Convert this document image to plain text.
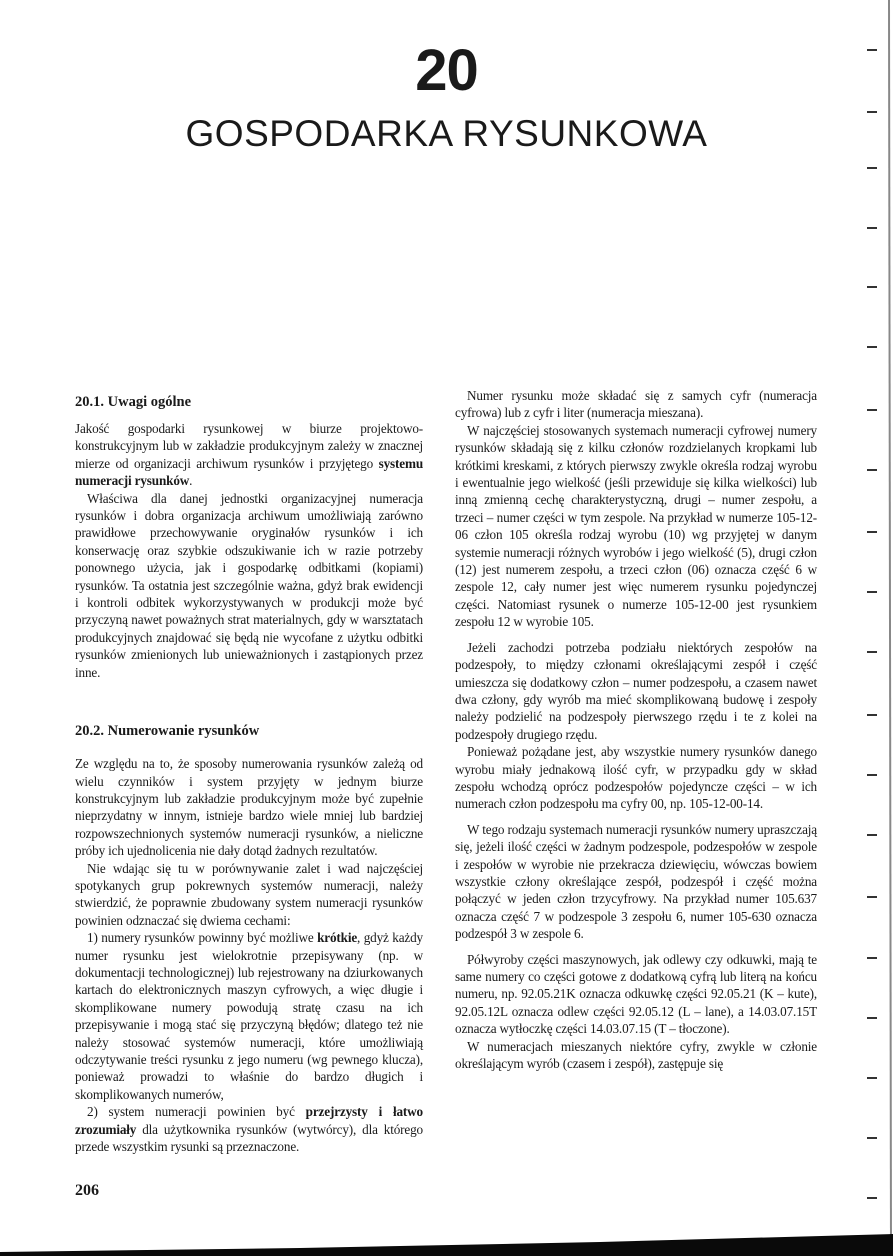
20
GOSPODARKA RYSUNKOWA
20.1. Uwagi ogólne

Jakość gospodarki rysunkowej w biurze projektowo-konstrukcyjnym lub w zakładzie produkcyjnym zależy w znacznej mierze od organizacji archiwum rysunków i przyjętego systemu numeracji rysunków.

Właściwa dla danej jednostki organizacyjnej numeracja rysunków i dobra organizacja archiwum umożliwiają zarówno prawidłowe przechowywanie oryginałów rysunków i ich konserwację oraz szybkie odszukiwanie ich w razie potrzeby ponownego użycia, jak i gospodarkę odbitkami (kopiami) rysunków. Ta ostatnia jest szczególnie ważna, gdyż brak ewidencji i kontroli odbitek wykorzystywanych w produkcji może być przyczyną nawet poważnych strat materialnych, gdy w warsztatach produkcyjnych znajdować się będą nie wycofane z użytku odbitki rysunków zmienionych lub unieważnionych i zastąpionych przez inne.

20.2. Numerowanie rysunków

Ze względu na to, że sposoby numerowania rysunków zależą od wielu czynników i system przyjęty w jednym biurze konstrukcyjnym lub zakładzie produkcyjnym może być zupełnie nieprzydatny w innym, istnieje bardzo wiele mniej lub bardziej rozpowszechnionych systemów numeracji rysunków, a nieliczne próby ich ujednolicenia nie dały dotąd żadnych rezultatów.

Nie wdając się tu w porównywanie zalet i wad najczęściej spotykanych grup pokrewnych systemów numeracji, należy stwierdzić, że poprawnie zbudowany system numeracji rysunków powinien odznaczać się dwiema cechami:

1) numery rysunków powinny być możliwe krótkie, gdyż każdy numer rysunku jest wielokrotnie przepisywany (np. w dokumentacji technologicznej) lub rejestrowany na dziurkowanych kartach do elektronicznych maszyn cyfrowych, a więc długie i skomplikowane numery powodują stratę czasu na ich przepisywanie i mogą stać się przyczyną błędów; dlatego też nie należy stosować systemów numeracji, które umożliwiają odczytywanie treści rysunku z jego numeru (wg pewnego klucza), ponieważ prowadzi to właśnie do bardzo długich i skomplikowanych numerów,

2) system numeracji powinien być przejrzysty i łatwo zrozumiały dla użytkownika rysunków (wytwórcy), dla którego przede wszystkim rysunki są przeznaczone.

206

Numer rysunku może składać się z samych cyfr (numeracja cyfrowa) lub z cyfr i liter (numeracja mieszana).

W najczęściej stosowanych systemach numeracji cyfrowej numery rysunków składają się z kilku członów rozdzielanych kropkami lub krótkimi kreskami, z których pierwszy zwykle określa rodzaj wyrobu i ewentualnie jego wielkość (jeśli przewiduje się kilka wielkości) lub inną zmienną cechę charakterystyczną, drugi – numer zespołu, a trzeci – numer części w tym zespole. Na przykład w numerze 105-12-06 człon 105 określa rodzaj wyrobu (10) wg przyjętej w danym systemie numeracji różnych wyrobów i jego wielkość (5), drugi człon (12) jest numerem zespołu, a trzeci człon (06) oznacza część 6 w zespole 12, cały numer jest więc numerem rysunku pojedynczej części. Natomiast rysunek o numerze 105-12-00 jest rysunkiem zespołu 12 w wyrobie 105.

Jeżeli zachodzi potrzeba podziału niektórych zespołów na podzespoły, to między członami określającymi zespół i część umieszcza się dodatkowy człon – numer podzespołu, a czasem nawet dwa człony, gdy wyrób ma mieć skomplikowaną budowę i zespoły należy podzielić na podzespoły pierwszego rzędu i te z kolei na podzespoły drugiego rzędu.

Ponieważ pożądane jest, aby wszystkie numery rysunków danego wyrobu miały jednakową ilość cyfr, w przypadku gdy w skład zespołu wchodzą oprócz podzespołów pojedyncze części – w ich numerach człon podzespołu ma cyfry 00, np. 105-12-00-14.

W tego rodzaju systemach numeracji rysunków numery upraszczają się, jeżeli ilość części w żadnym podzespole, podzespołów w zespole i zespołów w wyrobie nie przekracza dziewięciu, wówczas bowiem wszystkie człony określające zespół, podzespół i część można połączyć w jeden człon trzycyfrowy. Na przykład numer 105.637 oznacza część 7 w podzespole 3 zespołu 6, numer 105-630 oznacza podzespół 3 w zespole 6.

Półwyroby części maszynowych, jak odlewy czy odkuwki, mają te same numery co części gotowe z dodatkową cyfrą lub literą na końcu numeru, np. 92.05.21K oznacza odkuwkę części 92.05.21 (K – kute), 92.05.12L oznacza odlew części 92.05.12 (L – lane), a 14.03.07.15T oznacza wytłoczkę części 14.03.07.15 (T – tłoczone).

W numeracjach mieszanych niektóre cyfry, zwykle w członie określającym wyrób (czasem i zespół), zastępuje się
